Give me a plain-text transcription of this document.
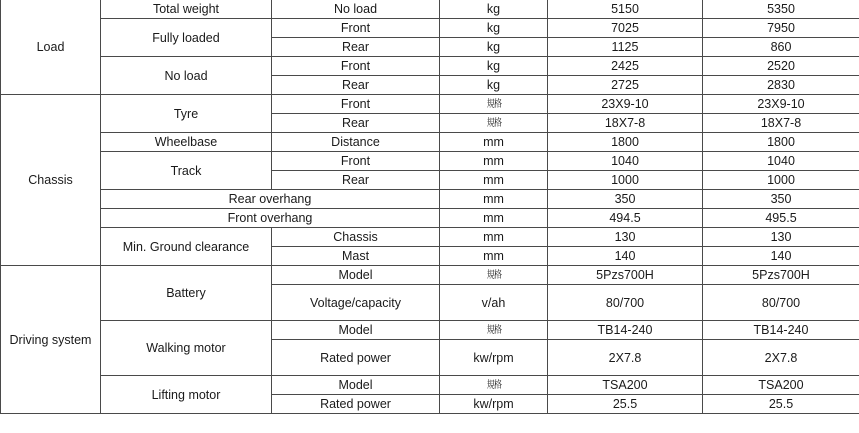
Load	Total weight	No load	kg	5150	5350
	Fully loaded	Front	kg	7025	7950
		Rear	kg	1125	860
	No load	Front	kg	2425	2520
		Rear	kg	2725	2830
Chassis	Tyre	Front	規格	23X9-10	23X9-10
		Rear	規格	18X7-8	18X7-8
	Wheelbase	Distance	mm	1800	1800
	Track	Front	mm	1040	1040
		Rear	mm	1000	1000
	Rear overhang		mm	350	350
	Front overhang		mm	494.5	495.5
	Min. Ground clearance	Chassis	mm	130	130
		Mast	mm	140	140
Driving system	Battery	Model	規格	5Pzs700H	5Pzs700H
		Voltage/capacity	v/ah	80/700	80/700
	Walking motor	Model	規格	TB14-240	TB14-240
		Rated power	kw/rpm	2X7.8	2X7.8
	Lifting motor	Model	規格	TSA200	TSA200
		Rated power	kw/rpm	25.5	25.5
